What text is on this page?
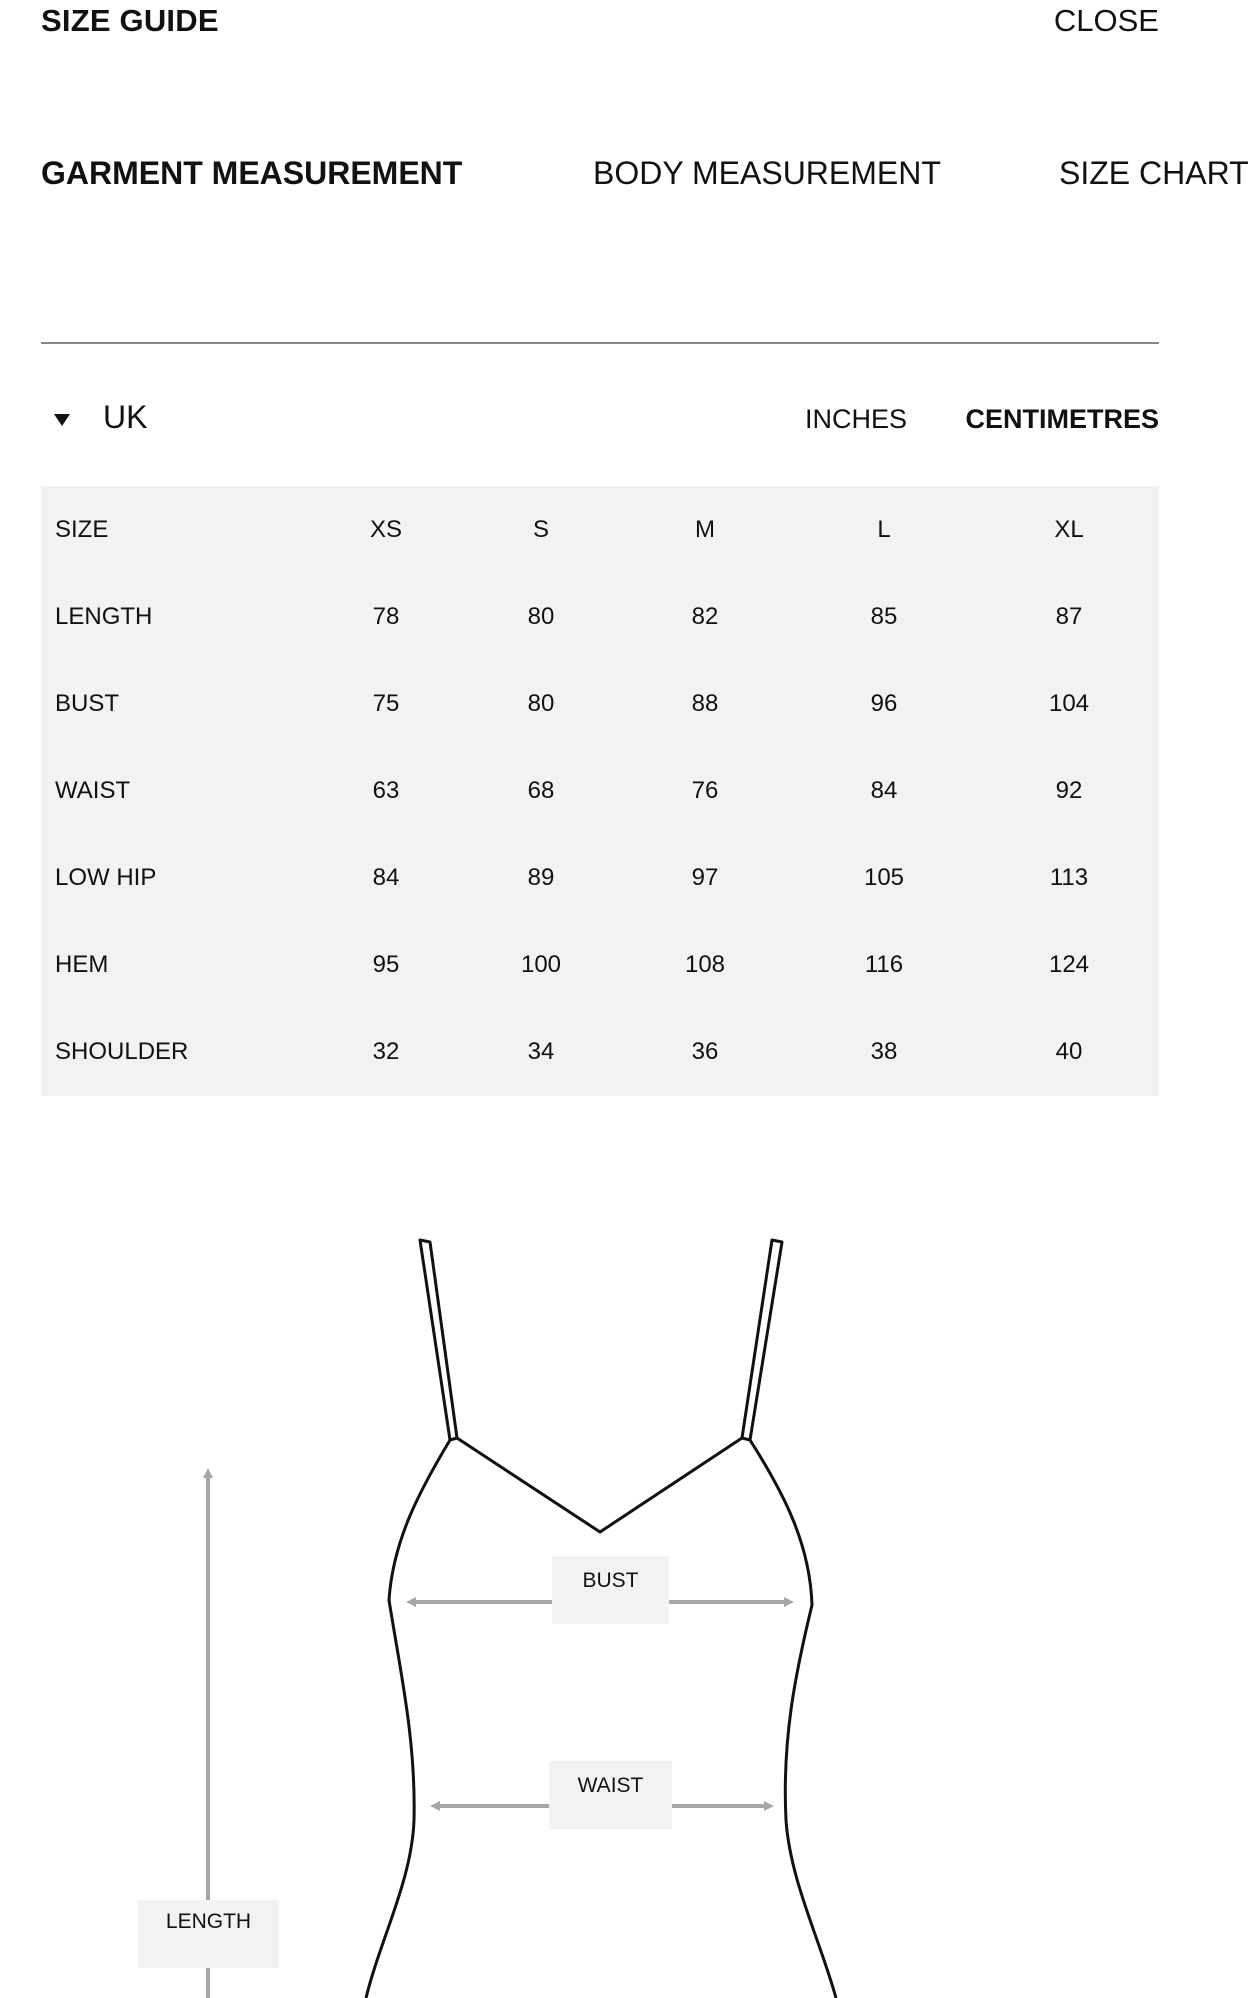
SIZE GUIDE	CLOSE
GARMENT MEASUREMENT	BODY MEASUREMENT	SIZE CHART
UK	INCHES CENTIMETRES
SIZE	XS	S	M	L	XL
LENGTH	78	80	82	85	87
BUST	75	80	88	96	104
WAIST	63	68	76	84	92
LOW HIP	84	89	97	105	113
HEM	95	100	108	116	124
SHOULDER	32	34	36	38	40
BUST
WAIST
LENGTH
